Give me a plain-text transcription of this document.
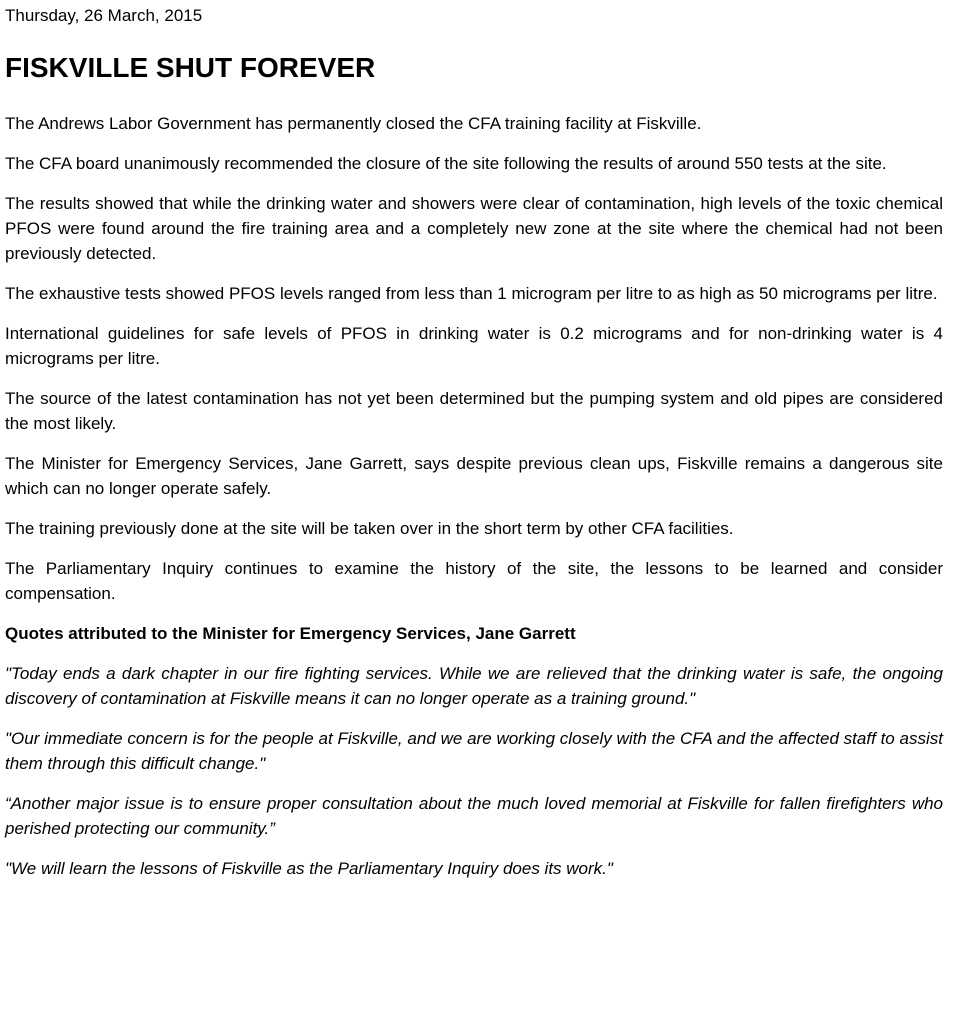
Thursday, 26 March, 2015

FISKVILLE SHUT FOREVER

The Andrews Labor Government has permanently closed the CFA training facility at Fiskville.

The CFA board unanimously recommended the closure of the site following the results of around 550 tests at the site.

The results showed that while the drinking water and showers were clear of contamination, high levels of the toxic chemical PFOS were found around the fire training area and a completely new zone at the site where the chemical had not been previously detected.

The exhaustive tests showed PFOS levels ranged from less than 1 microgram per litre to as high as 50 micrograms per litre.

International guidelines for safe levels of PFOS in drinking water is 0.2 micrograms and for non-drinking water is 4 micrograms per litre.

The source of the latest contamination has not yet been determined but the pumping system and old pipes are considered the most likely.

The Minister for Emergency Services, Jane Garrett, says despite previous clean ups, Fiskville remains a dangerous site which can no longer operate safely.

The training previously done at the site will be taken over in the short term by other CFA facilities.

The Parliamentary Inquiry continues to examine the history of the site, the lessons to be learned and consider compensation.

Quotes attributed to the Minister for Emergency Services, Jane Garrett

"Today ends a dark chapter in our fire fighting services. While we are relieved that the drinking water is safe, the ongoing discovery of contamination at Fiskville means it can no longer operate as a training ground."

"Our immediate concern is for the people at Fiskville, and we are working closely with the CFA and the affected staff to assist them through this difficult change."

“Another major issue is to ensure proper consultation about the much loved memorial at Fiskville for fallen firefighters who perished protecting our community.”

"We will learn the lessons of Fiskville as the Parliamentary Inquiry does its work."
